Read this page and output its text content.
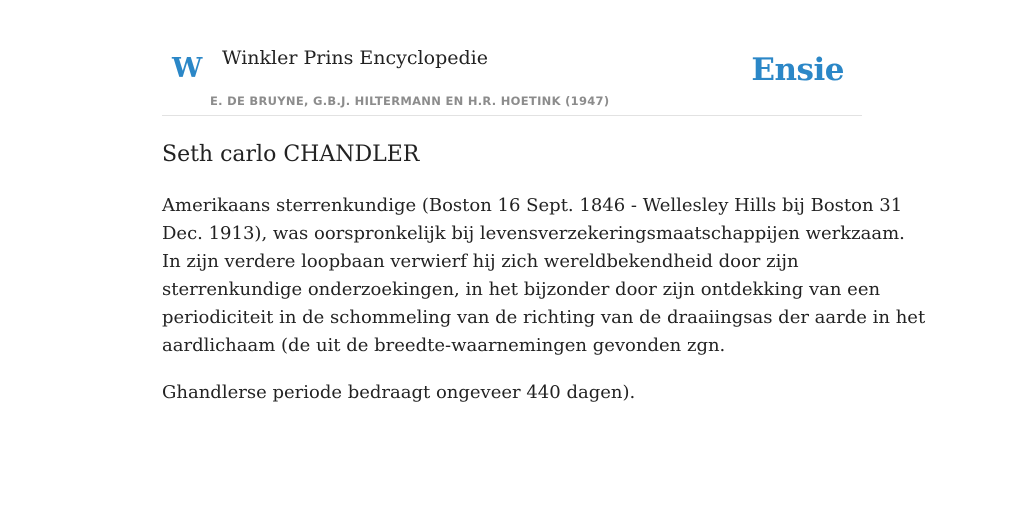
W Winkler Prins Encyclopedie
E. DE BRUYNE, G.B.J. HILTERMANN EN H.R. HOETINK (1947)
Ensie
Seth carlo CHANDLER

Amerikaans sterrenkundige (Boston 16 Sept. 1846 - Wellesley Hills bij Boston 31
Dec. 1913), was oorspronkelijk bij levensverzekeringsmaatschappijen werkzaam.
In zijn verdere loopbaan verwierf hij zich wereldbekendheid door zijn
sterrenkundige onderzoekingen, in het bijzonder door zijn ontdekking van een
periodiciteit in de schommeling van de richting van de draaiingsas der aarde in het
aardlichaam (de uit de breedte-waarnemingen gevonden zgn.

Ghandlerse periode bedraagt ongeveer 440 dagen).
